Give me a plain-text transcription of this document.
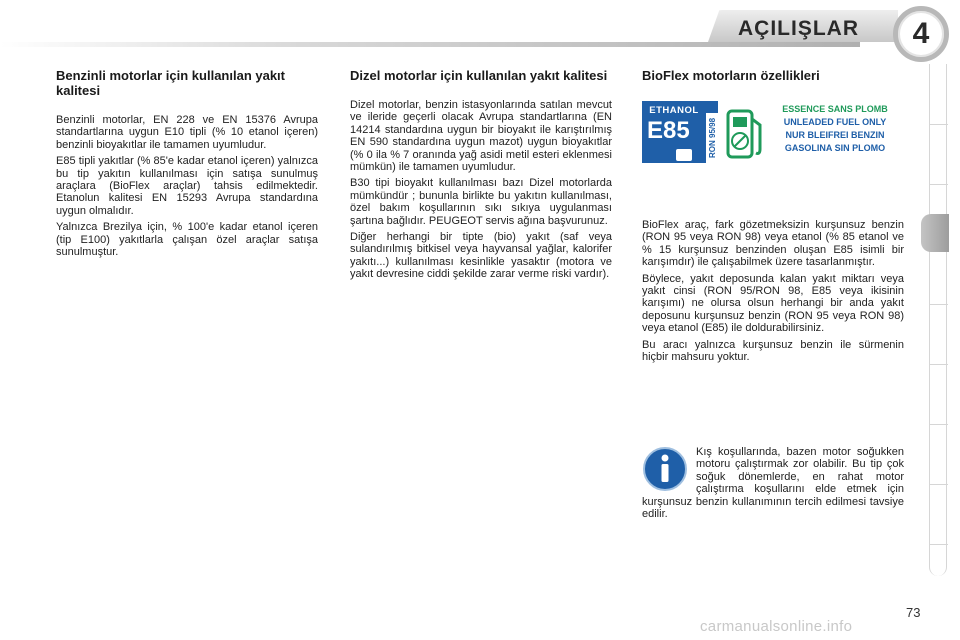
AÇILIŞLAR 4
Benzinli motorlar için kullanılan yakıt kalitesi

Benzinli motorlar, EN 228 ve EN 15376 Avrupa standartlarına uygun E10 tipli (% 10 etanol içeren) benzinli bioyakıtlar ile tamamen uyumludur.

E85 tipli yakıtlar (% 85'e kadar etanol içeren) yalnızca bu tip yakıtın kullanılması için satışa sunulmuş araçlara (BioFlex araçlar) tahsis edilmektedir. Etanolun kalitesi EN 15293 Avrupa standardına uygun olmalıdır.

Yalnızca Brezilya için, % 100'e kadar etanol içeren (tip E100) yakıtlarla çalışan özel araçlar satışa sunulmuştur.

Dizel motorlar için kullanılan yakıt kalitesi

Dizel motorlar, benzin istasyonlarında satılan mevcut ve ileride geçerli olacak Avrupa standartlarına (EN 14214 standardına uygun bir bioyakıt ile karıştırılmış EN 590 standardına uygun mazot) uygun bioyakıtlar (% 0 ila % 7 oranında yağ asidi metil esteri eklenmesi mümkün) ile tamamen uyumludur.

B30 tipi bioyakıt kullanılması bazı Dizel motorlarda mümkündür ; bununla birlikte bu yakıtın kullanılması, özel bakım koşullarının sıkı sıkıya uygulanması şartına bağlıdır. PEUGEOT servis ağına başvurunuz.

Diğer herhangi bir tipte (bio) yakıt (saf veya sulandırılmış bitkisel veya hayvansal yağlar, kalorifer yakıtı...) kullanılması kesinlikle yasaktır (motora ve yakıt devresine ciddi şekilde zarar verme riski vardır).

BioFlex motorların özellikleri
ETHANOL
E85 RON 95/98
ESSENCE SANS PLOMB
UNLEADED FUEL ONLY
NUR BLEIFREI BENZIN
GASOLINA SIN PLOMO

BioFlex araç, fark gözetmeksizin kurşunsuz benzin (RON 95 veya RON 98) veya etanol (% 85 etanol ve % 15 kurşunsuz benzinden oluşan E85 isimli bir karışımdır) ile çalışabilmek üzere tasarlanmıştır.

Böylece, yakıt deposunda kalan yakıt miktarı veya yakıt cinsi (RON 95/RON 98, E85 veya ikisinin karışımı) ne olursa olsun herhangi bir anda yakıt deposunu kurşunsuz benzin (RON 95 veya RON 98) veya etanol (E85) ile doldurabilirsiniz.

Bu aracı yalnızca kurşunsuz benzin ile sürmenin hiçbir mahsuru yoktur.

Kış koşullarında, bazen motor soğukken motoru çalıştırmak zor olabilir. Bu tip çok soğuk dönemlerde, en rahat motor çalıştırma koşullarını elde etmek için kurşunsuz benzin kullanımının tercih edilmesi tavsiye edilir.

73
carmanualsonline.info
